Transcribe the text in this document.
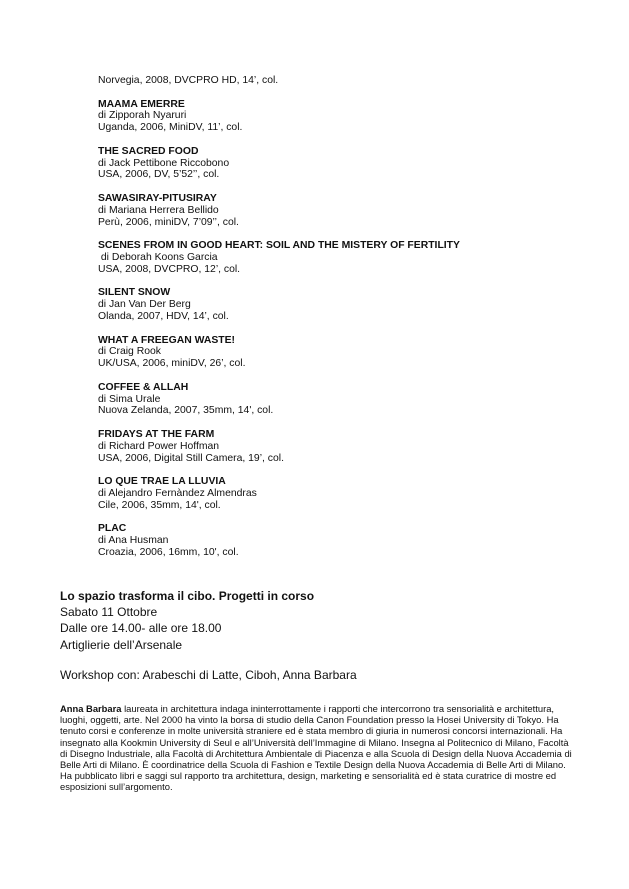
Norvegia, 2008, DVCPRO HD, 14’, col.
MAAMA EMERRE
di Zipporah Nyaruri
Uganda, 2006, MiniDV, 11’, col.
THE SACRED FOOD
di Jack Pettibone Riccobono
USA, 2006, DV, 5’52’’, col.
SAWASIRAY-PITUSIRAY
di Mariana Herrera Bellido
Perù, 2006, miniDV, 7’09’’, col.
SCENES FROM IN GOOD HEART: SOIL AND THE MISTERY OF FERTILITY
di Deborah Koons Garcia
USA, 2008, DVCPRO, 12’, col.
SILENT SNOW
di Jan Van Der Berg
Olanda, 2007, HDV, 14’, col.
WHAT A FREEGAN WASTE!
di Craig Rook
UK/USA, 2006, miniDV, 26’, col.
COFFEE & ALLAH
di Sima Urale
Nuova Zelanda, 2007, 35mm, 14', col.
FRIDAYS AT THE FARM
di Richard Power Hoffman
USA, 2006, Digital Still Camera, 19’, col.
LO QUE TRAE LA LLUVIA
di Alejandro Fernàndez Almendras
Cile, 2006, 35mm, 14', col.
PLAC
di Ana Husman
Croazia, 2006, 16mm, 10', col.
Lo spazio trasforma il cibo. Progetti in corso
Sabato 11 Ottobre
Dalle ore 14.00- alle ore 18.00
Artiglierie dell’Arsenale
Workshop con: Arabeschi di Latte, Ciboh, Anna Barbara
Anna Barbara laureata in architettura indaga ininterrottamente i rapporti che intercorrono tra sensorialità e architettura, luoghi, oggetti, arte. Nel 2000 ha vinto la borsa di studio della Canon Foundation presso la Hosei University di Tokyo. Ha tenuto corsi e conferenze in molte università straniere ed è stata membro di giuria in numerosi concorsi internazionali. Ha insegnato alla Kookmin University di Seul e all’Università dell’Immagine di Milano. Insegna al Politecnico di Milano, Facoltà di Disegno Industriale, alla Facoltà di Architettura Ambientale di Piacenza e alla Scuola di Design della Nuova Accademia di Belle Arti di Milano. È coordinatrice della Scuola di Fashion e Textile Design della Nuova Accademia di Belle Arti di Milano. Ha pubblicato libri e saggi sul rapporto tra architettura, design, marketing e sensorialità ed è stata curatrice di mostre ed esposizioni sull’argomento.
